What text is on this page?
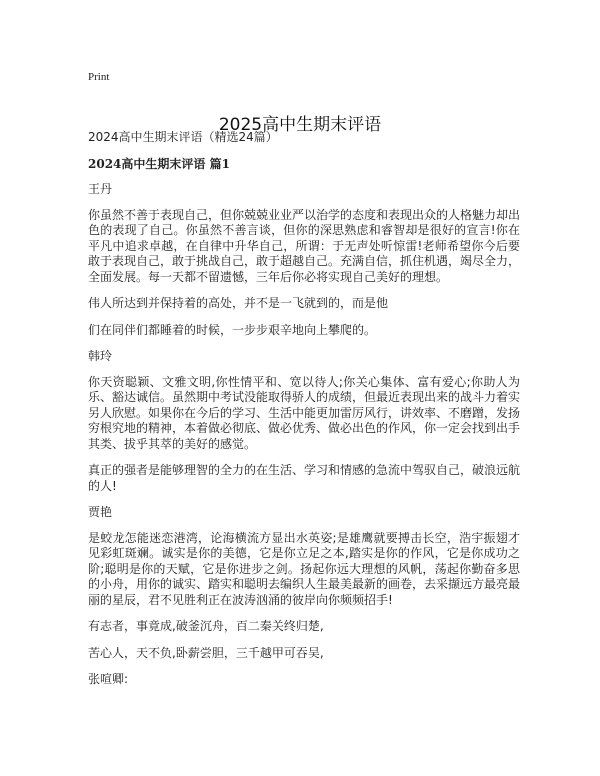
Print
2025高中生期末评语

2024高中生期末评语（精选24篇）

2024高中生期末评语 篇1

王丹

你虽然不善于表现自己，但你兢兢业业严以治学的态度和表现出众的人格魅力却出色的表现了自己。你虽然不善言谈，但你的深思熟虑和睿智却是很好的宣言!你在平凡中追求卓越，在自律中升华自己，所谓：于无声处听惊雷!老师希望你今后要敢于表现自己，敢于挑战自己，敢于超越自己。充满自信，抓住机遇，竭尽全力，全面发展。每一天都不留遗憾，三年后你必将实现自己美好的理想。

伟人所达到并保持着的高处，并不是一飞就到的，而是他

们在同伴们都睡着的时候，一步步艰辛地向上攀爬的。

韩玲

你天资聪颖、文雅文明,你性情平和、宽以待人;你关心集体、富有爱心;你助人为乐、豁达诚信。虽然期中考试没能取得骄人的成绩，但最近表现出来的战斗力着实另人欣慰。如果你在今后的学习、生活中能更加雷厉风行，讲效率、不磨蹭，发扬穷根究地的精神，本着做必彻底、做必优秀、做必出色的作风，你一定会找到出手其类、拔乎其萃的美好的感觉。

真正的强者是能够理智的全力的在生活、学习和情感的急流中驾驭自己，破浪远航的人!

贾艳

是蛟龙怎能迷恋港湾，论海横流方显出水英姿;是雄鹰就要搏击长空，浩宇振翅才见彩虹斑斓。诚实是你的美德，它是你立足之本,踏实是你的作风，它是你成功之阶;聪明是你的天赋，它是你进步之剑。扬起你远大理想的风帆，荡起你勤奋多思的小舟，用你的诚实、踏实和聪明去编织人生最美最新的画卷，去采撷远方最亮最丽的星辰，君不见胜利正在波涛汹涌的彼岸向你频频招手!

有志者，事竟成,破釜沉舟，百二秦关终归楚,

苦心人，天不负,卧薪尝胆，三千越甲可吞吴,

张喧卿:
